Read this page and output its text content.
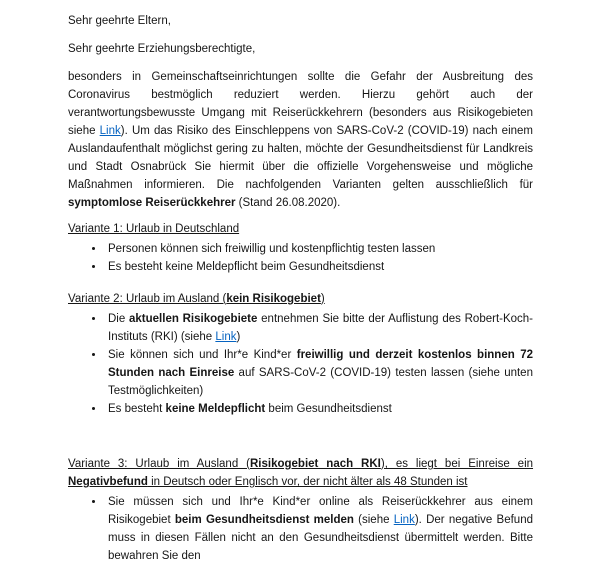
Sehr geehrte Eltern,

Sehr geehrte Erziehungsberechtigte,

besonders in Gemeinschaftseinrichtungen sollte die Gefahr der Ausbreitung des Coronavirus bestmöglich reduziert werden. Hierzu gehört auch der verantwortungsbewusste Umgang mit Reiserückkehrern (besonders aus Risikogebieten siehe Link). Um das Risiko des Einschleppens von SARS-CoV-2 (COVID-19) nach einem Auslandaufenthalt möglichst gering zu halten, möchte der Gesundheitsdienst für Landkreis und Stadt Osnabrück Sie hiermit über die offizielle Vorgehensweise und mögliche Maßnahmen informieren. Die nachfolgenden Varianten gelten ausschließlich für symptomlose Reiserückkehrer (Stand 26.08.2020).

Variante 1: Urlaub in Deutschland

• Personen können sich freiwillig und kostenpflichtig testen lassen
• Es besteht keine Meldepflicht beim Gesundheitsdienst

Variante 2: Urlaub im Ausland (kein Risikogebiet)

• Die aktuellen Risikogebiete entnehmen Sie bitte der Auflistung des Robert-Koch-Instituts (RKI) (siehe Link)
• Sie können sich und Ihr*e Kind*er freiwillig und derzeit kostenlos binnen 72 Stunden nach Einreise auf SARS-CoV-2 (COVID-19) testen lassen (siehe unten Testmöglichkeiten)
• Es besteht keine Meldepflicht beim Gesundheitsdienst

Variante 3: Urlaub im Ausland (Risikogebiet nach RKI), es liegt bei Einreise ein Negativbefund in Deutsch oder Englisch vor, der nicht älter als 48 Stunden ist

• Sie müssen sich und Ihr*e Kind*er online als Reiserückkehrer aus einem Risikogebiet beim Gesundheitsdienst melden (siehe Link). Der negative Befund muss in diesen Fällen nicht an den Gesundheitsdienst übermittelt werden. Bitte bewahren Sie den
